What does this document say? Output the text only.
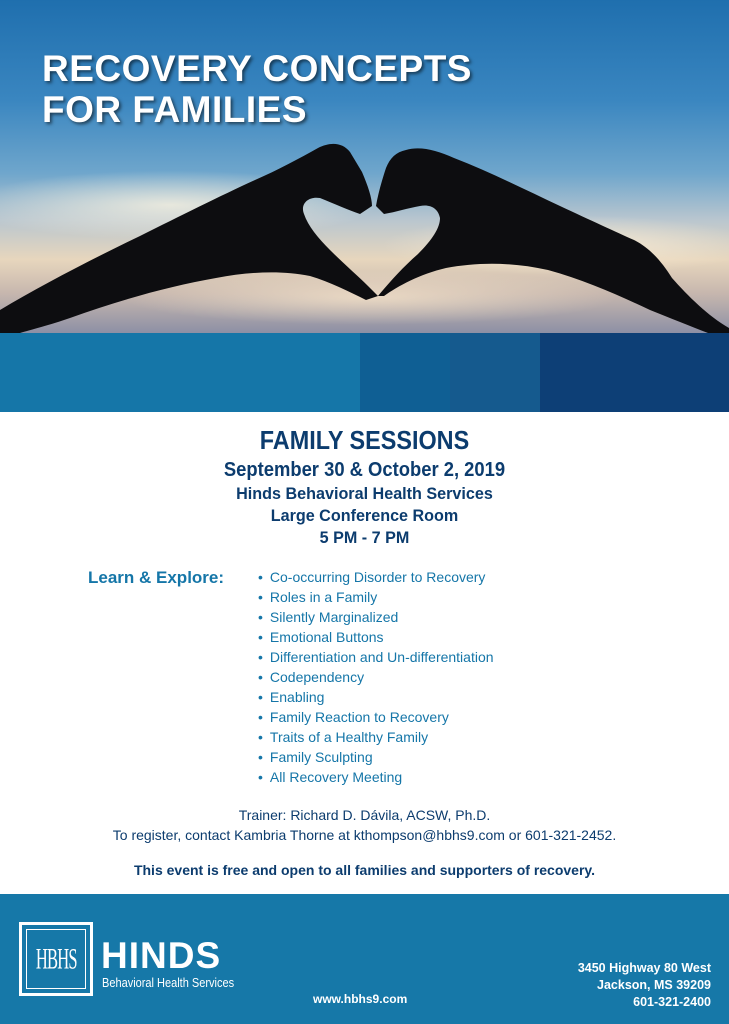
RECOVERY CONCEPTS
FOR FAMILIES

FAMILY SESSIONS

September 30 & October 2, 2019

Hinds Behavioral Health Services

Large Conference Room

5 PM - 7 PM

Learn & Explore:

•	Co-occurring Disorder to Recovery
• Roles in a Family
• Silently Marginalized
• Emotional Buttons
• Differentiation and Un-differentiation
• Codependency
• Enabling
• Family Reaction to Recovery
• Traits of a Healthy Family
• Family Sculpting
• All Recovery Meeting

Trainer: Richard D. Dávila, ACSW, Ph.D.

To register, contact Kambria Thorne at kthompson@hbhs9.com or 601-321-2452.

This event is free and open to all families and supporters of recovery.

HBHS HINDS

Behavioral Health Services

www.hbhs9.com

3450 Highway 80 West
Jackson, MS 39209
601-321-2400
